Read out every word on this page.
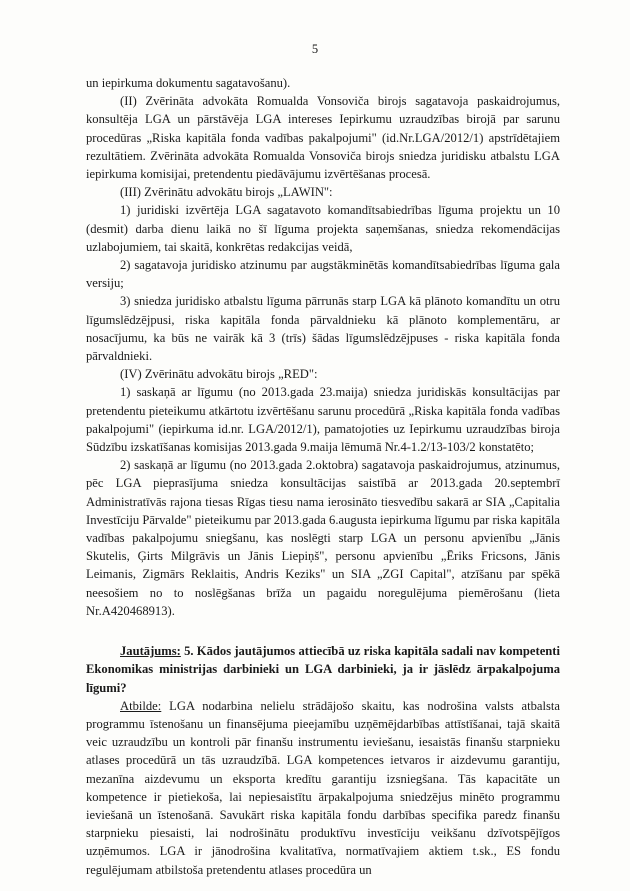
5

un iepirkuma dokumentu sagatavošanu).

(II) Zvērināta advokāta Romualda Vonsoviča birojs sagatavoja paskaidrojumus, konsultēja LGA un pārstāvēja LGA intereses Iepirkumu uzraudzības birojā par sarunu procedūras „Riska kapitāla fonda vadības pakalpojumi" (id.Nr.LGA/2012/1) apstrīdētajiem rezultātiem. Zvērināta advokāta Romualda Vonsoviča birojs sniedza juridisku atbalstu LGA iepirkuma komisijai, pretendentu piedāvājumu izvērtēšanas procesā.

(III) Zvērinātu advokātu birojs „LAWIN":

1) juridiski izvērtēja LGA sagatavoto komandītsabiedrības līguma projektu un 10 (desmit) darba dienu laikā no šī līguma projekta saņemšanas, sniedza rekomendācijas uzlabojumiem, tai skaitā, konkrētas redakcijas veidā,

2) sagatavoja juridisko atzinumu par augstākminētās komandītsabiedrības līguma gala versiju;

3) sniedza juridisko atbalstu līguma pārrunās starp LGA kā plānoto komandītu un otru līgumslēdzējpusi, riska kapitāla fonda pārvaldnieku kā plānoto komplementāru, ar nosacījumu, ka būs ne vairāk kā 3 (trīs) šādas līgumslēdzējpuses - riska kapitāla fonda pārvaldniekі.

(IV) Zvērinātu advokātu birojs „RED":

1) saskaņā ar līgumu (no 2013.gada 23.maija) sniedza juridiskās konsultācijas par pretendentu pieteikumu atkārtotu izvērtēšanu sarunu procedūrā „Riska kapitāla fonda vadības pakalpojumi" (iepirkuma id.nr. LGA/2012/1), pamatojoties uz Iepirkumu uzraudzības biroja Sūdzību izskatīšanas komisijas 2013.gada 9.maija lēmumā Nr.4-1.2/13-103/2 konstatēto;

2) saskaņā ar līgumu (no 2013.gada 2.oktobra) sagatavoja paskaidrojumus, atzinumus, pēc LGA pieprasījuma sniedza konsultācijas saistībā ar 2013.gada 20.septembrī Administratīvās rajona tiesas Rīgas tiesu nama ierosināto tiesvedību sakarā ar SIA „Capitalia Investīciju Pārvalde" pieteikumu par 2013.gada 6.augusta iepirkuma līgumu par riska kapitāla vadības pakalpojumu sniegšanu, kas noslēgti starp LGA un personu apvienību „Jānis Skutelis, Ģirts Milgrāvis un Jānis Liepiņš", personu apvienību „Ēriks Fricsons, Jānis Leimanis, Zigmārs Reklaitis, Andris Keziks" un SIA „ZGI Capital", atzīšanu par spēkā neesošiem no to noslēgšanas brīža un pagaidu noregulējuma piemērošanu (lieta Nr.A420468913).

Jautājums: 5. Kādos jautājumos attiecībā uz riska kapitāla sadali nav kompetenti Ekonomikas ministrijas darbinieki un LGA darbinieki, ja ir jāslēdz ārpakalpojuma līgumi?

Atbilde: LGA nodarbina nelielu strādājošo skaitu, kas nodrošina valsts atbalsta programmu īstenošanu un finansējuma pieejamību uzņēmējdarbības attīstīšanai, tajā skaitā veic uzraudzību un kontroli pār finanšu instrumentu ieviešanu, iesaistās finanšu starpnieku atlases procedūrā un tās uzraudzībā. LGA kompetences ietvaros ir aizdevumu garantiju, mezanīna aizdevumu un eksporta kredītu garantiju izsniegšana. Tās kapacitāte un kompetence ir pietiekoša, lai nepiesaistītu ārpakalpojuma sniedzējus minēto programmu ieviešanā un īstenošanā. Savukārt riska kapitāla fondu darbības specifika paredz finanšu starpnieku piesaisti, lai nodrošinātu produktīvu investīciju veikšanu dzīvotspējīgos uzņēmumos. LGA ir jānodrošina kvalitatīva, normatīvajiem aktiem t.sk., ES fondu regulējumam atbilstoša pretendentu atlases procedūra un
